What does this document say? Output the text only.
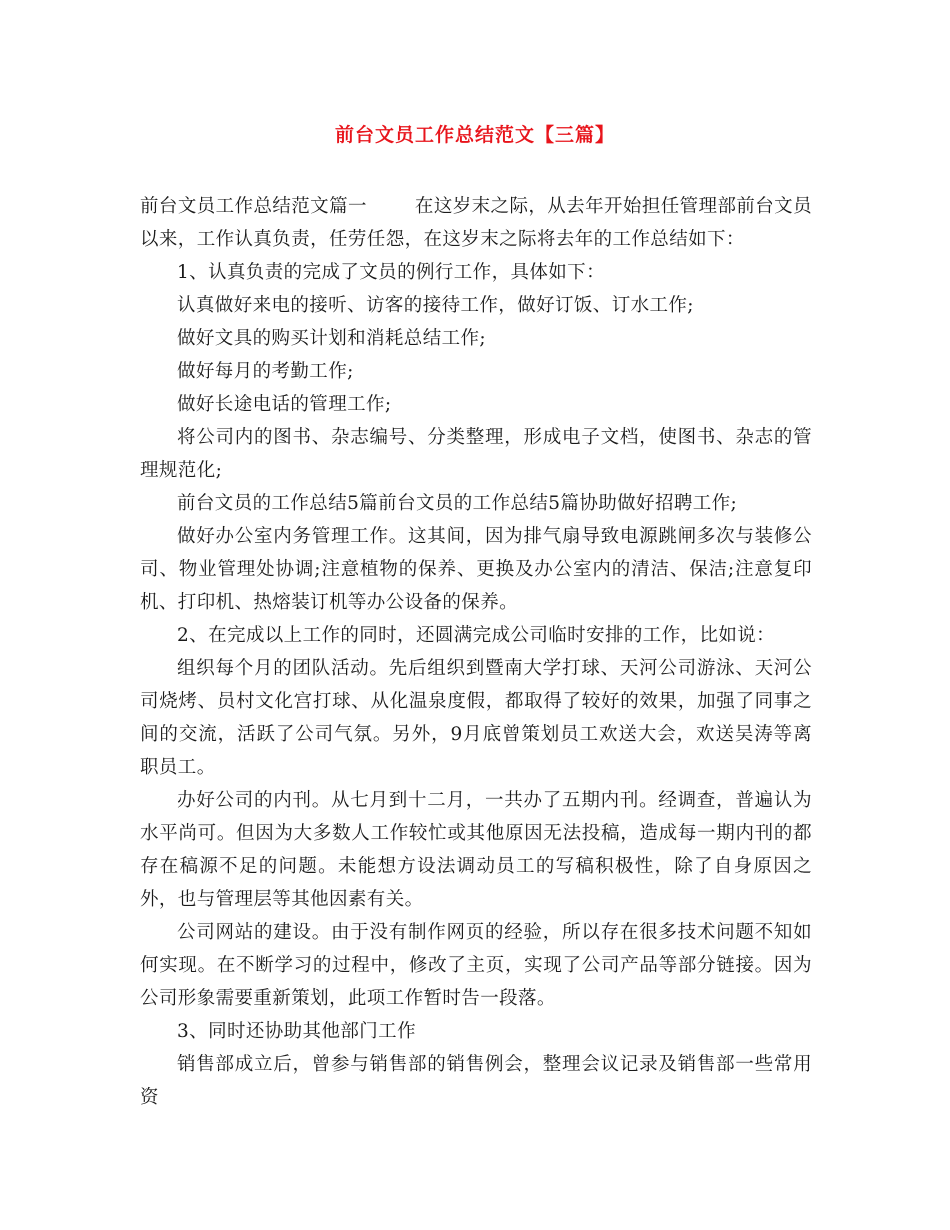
前台文员工作总结范文【三篇】

前台文员工作总结范文篇一	在这岁末之际，从去年开始担任管理部前台文员以来，工作认真负责，任劳任怨，在这岁末之际将去年的工作总结如下：

1、认真负责的完成了文员的例行工作，具体如下：

认真做好来电的接听、访客的接待工作，做好订饭、订水工作;

做好文具的购买计划和消耗总结工作;

做好每月的考勤工作;

做好长途电话的管理工作;

将公司内的图书、杂志编号、分类整理，形成电子文档，使图书、杂志的管理规范化;

前台文员的工作总结5篇前台文员的工作总结5篇协助做好招聘工作;

做好办公室内务管理工作。这其间，因为排气扇导致电源跳闸多次与装修公司、物业管理处协调;注意植物的保养、更换及办公室内的清洁、保洁;注意复印机、打印机、热熔装订机等办公设备的保养。

2、在完成以上工作的同时，还圆满完成公司临时安排的工作，比如说：

组织每个月的团队活动。先后组织到暨南大学打球、天河公司游泳、天河公司烧烤、员村文化宫打球、从化温泉度假，都取得了较好的效果，加强了同事之间的交流，活跃了公司气氛。另外，9月底曾策划员工欢送大会，欢送吴涛等离职员工。

办好公司的内刊。从七月到十二月，一共办了五期内刊。经调查，普遍认为水平尚可。但因为大多数人工作较忙或其他原因无法投稿，造成每一期内刊的都存在稿源不足的问题。未能想方设法调动员工的写稿积极性，除了自身原因之外，也与管理层等其他因素有关。

公司网站的建设。由于没有制作网页的经验，所以存在很多技术问题不知如何实现。在不断学习的过程中，修改了主页，实现了公司产品等部分链接。因为公司形象需要重新策划，此项工作暂时告一段落。

3、同时还协助其他部门工作

销售部成立后，曾参与销售部的销售例会，整理会议记录及销售部一些常用资
